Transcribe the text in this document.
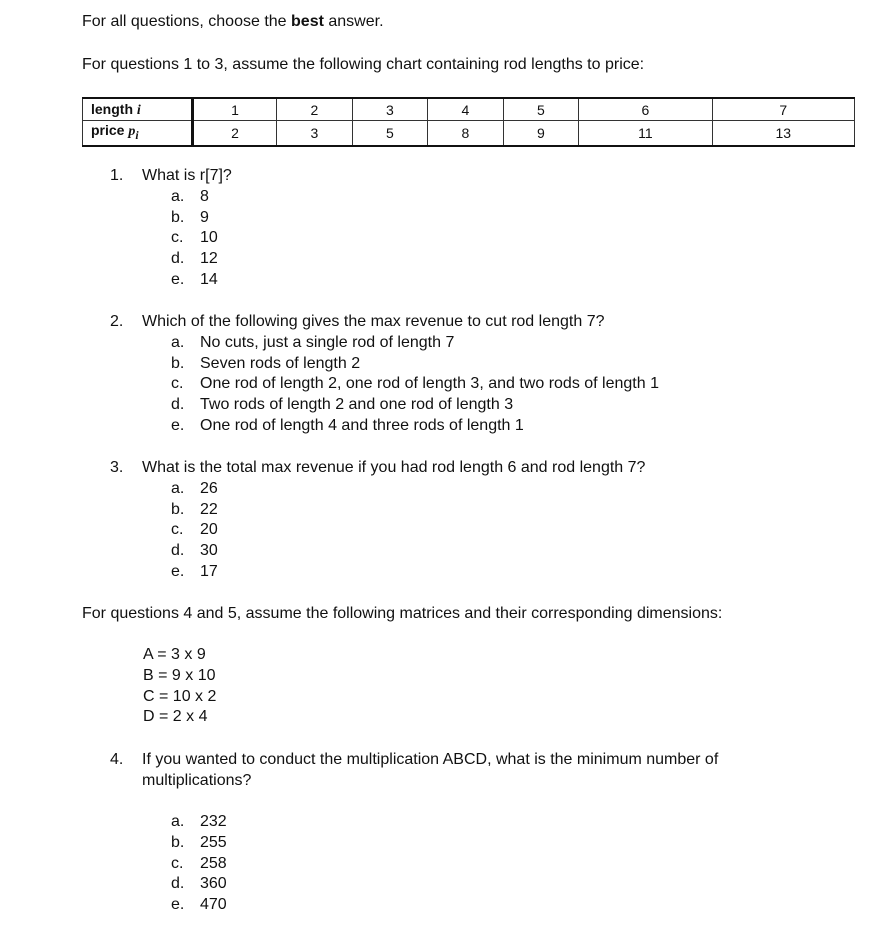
For all questions, choose the best answer.
For questions 1 to 3, assume the following chart containing rod lengths to price:
length i	1	2	3	4	5	6	7
price $p_i$	2	3	5	8	9	11	13
1.	What is r[7]?
a. 8
b. 9
c.	10
d. 12
e. 14
2.	Which of the following gives the max revenue to cut rod length 7?
a. No cuts, just a single rod of length 7
b. Seven rods of length 2
c.	One rod of length 2, one rod of length 3, and two rods of length 1
d. Two rods of length 2 and one rod of length 3
e. One rod of length 4 and three rods of length 1
3.	What is the total max revenue if you had rod length 6 and rod length 7?
a. 26
b. 22
c.	20
d. 30
e. 17
For questions 4 and 5, assume the following matrices and their corresponding dimensions:
A = 3 x 9
B = 9 x 10
C = 10 x 2
D = 2 x 4
4.	If you wanted to conduct the multiplication ABCD, what is the minimum number of
multiplications?
a. 232
b. 255
c.	258
d. 360
e. 470
